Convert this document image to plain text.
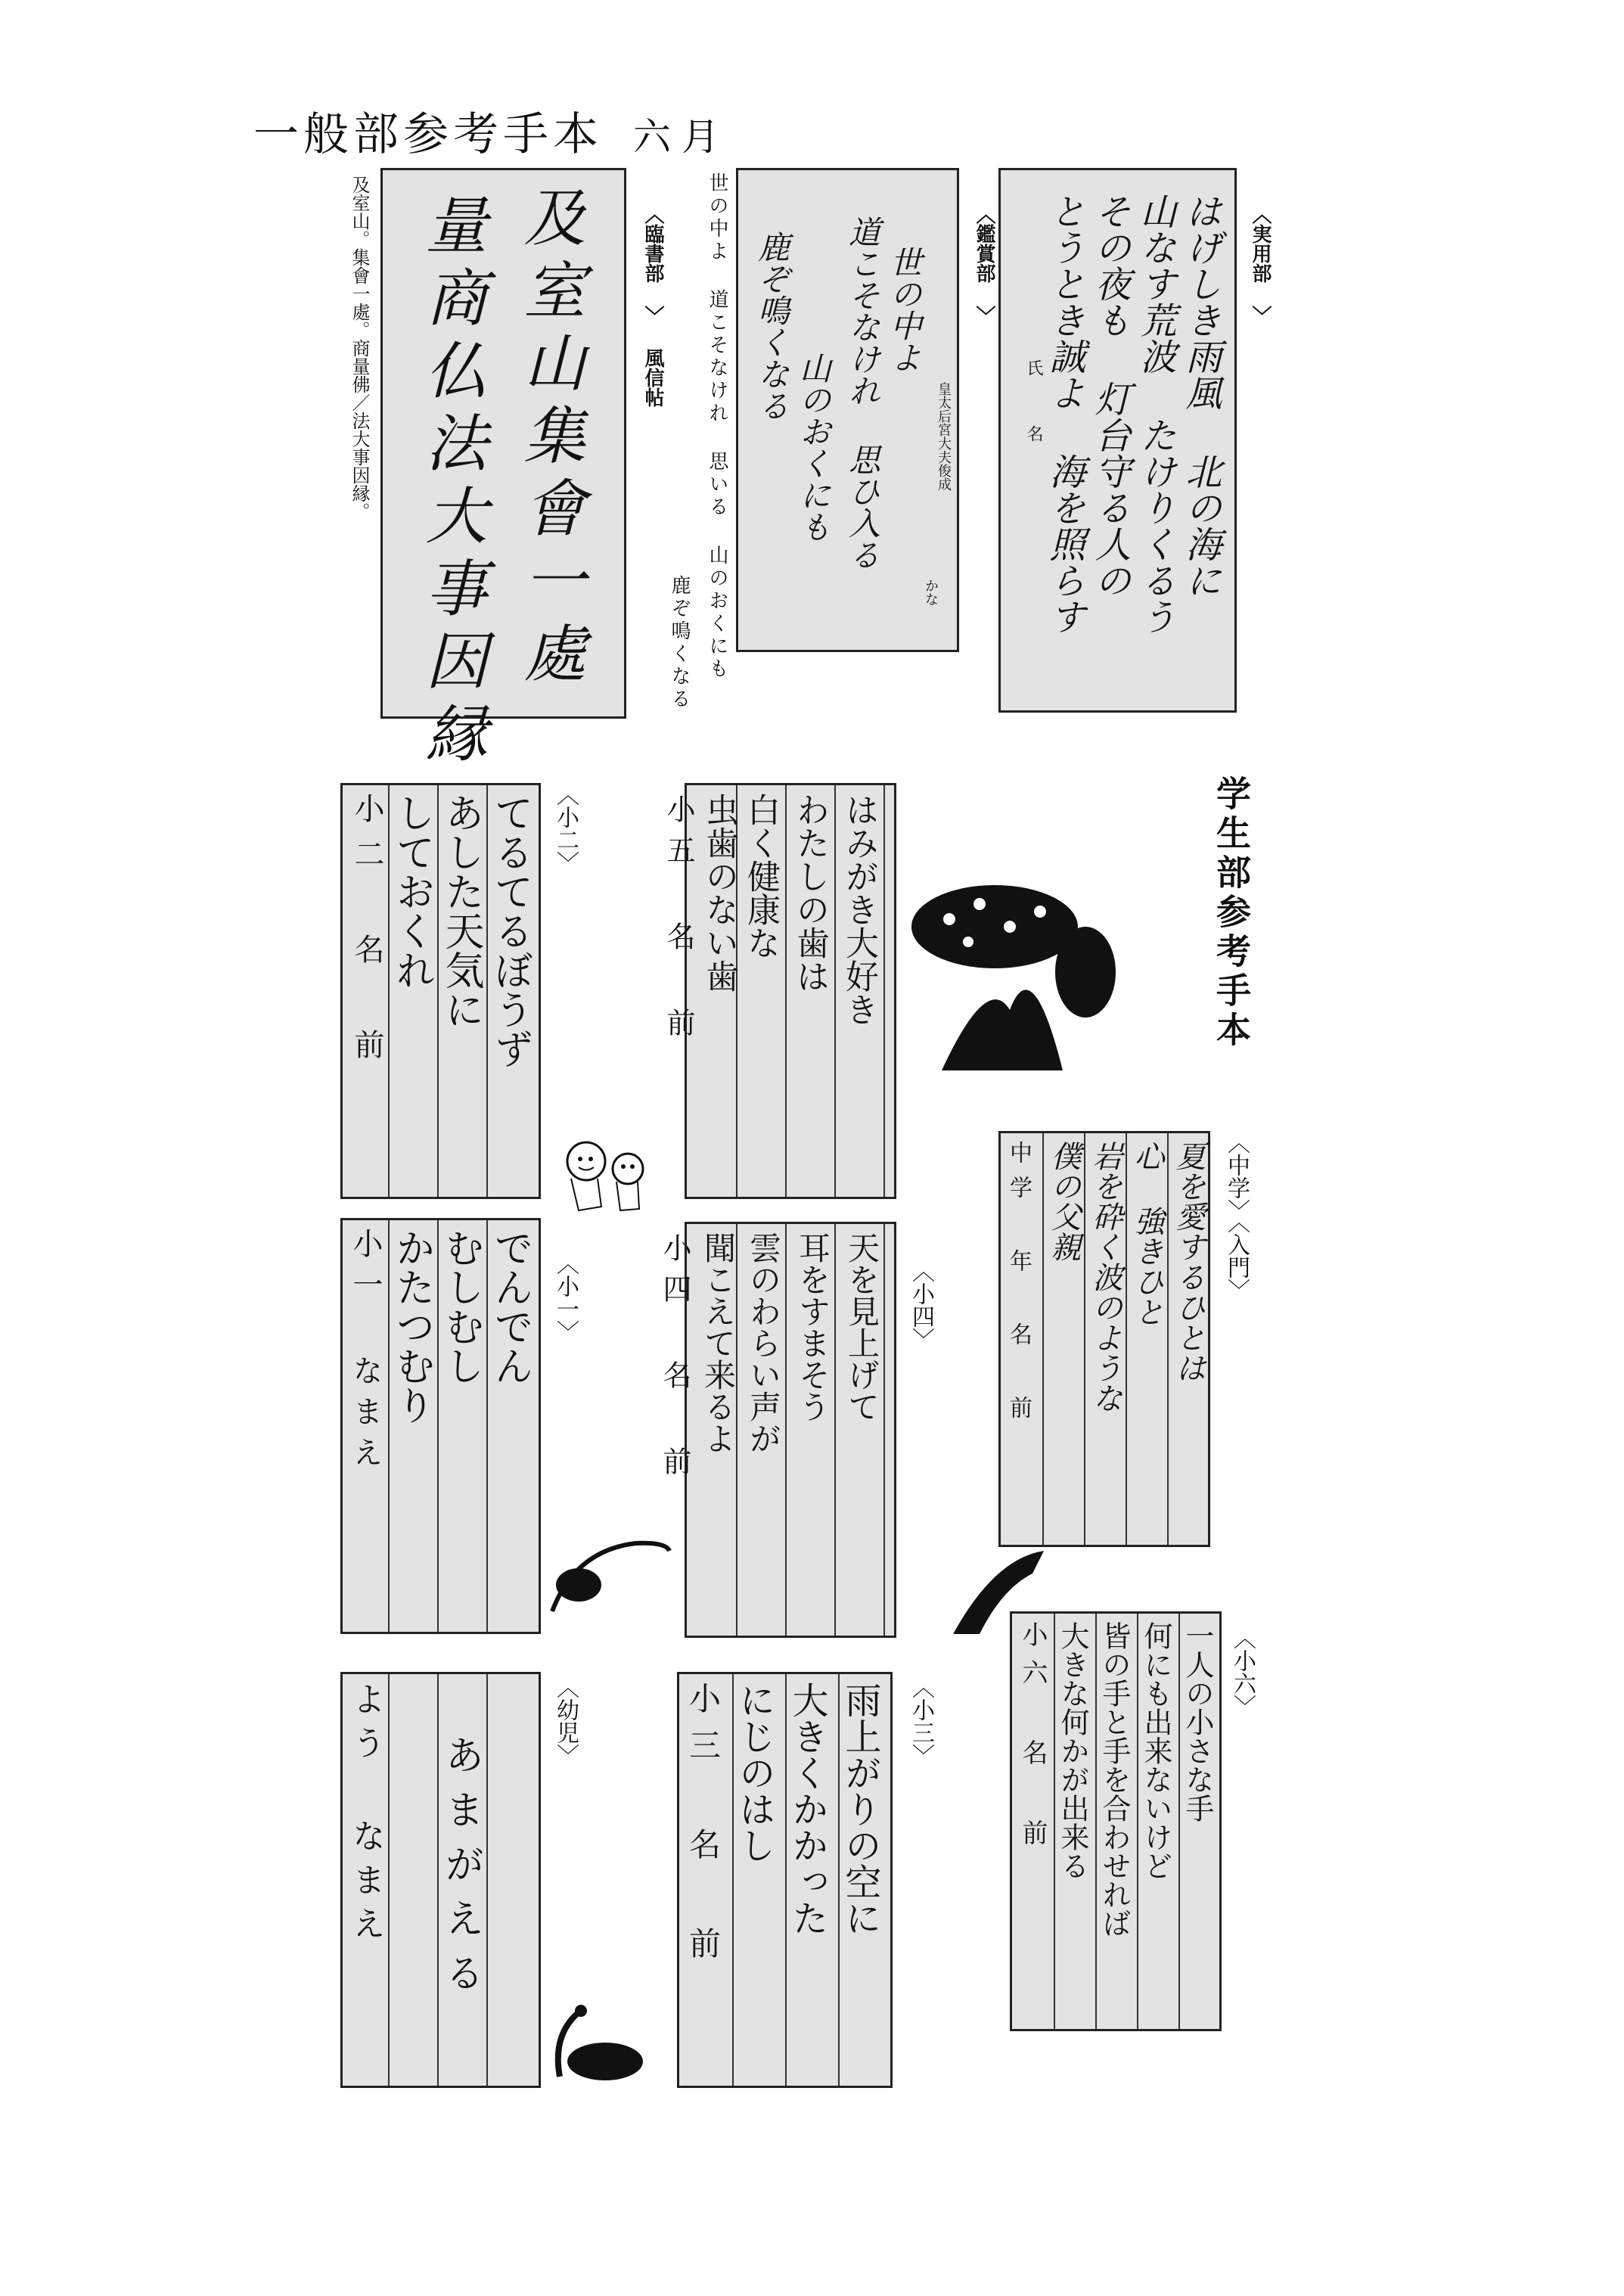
一般部参考手本 六月
〈実用部 〉
はげしき雨風 北の海に
山なす荒波 たけりくるう
その夜も 灯台守る人の
とうとき誠よ 海を照らす
氏 名
〈鑑賞部 〉
世の中よ
道こそなけれ 思ひ入る
山のおくにも
鹿ぞ鳴くなる
皇太后宮大夫俊成
かな
世の中よ 道こそなけれ 思いる 山のおくにも
鹿ぞ鳴くなる
〈臨書部 〉
風信帖
及室山集會一處
量商仏法大事因縁
及室山。集會一處。商量佛／法大事因縁。
学生部参考手本
〈小二〉
てるてるぼうず
あした天気に
しておくれ
小二 名 前	はみがき大好き
わたしの歯は
白く健康な
虫歯のない歯
小五 名 前
〈中学〉〈入門〉
夏を愛するひとは
心 強きひと
岩を砕く波のような
僕の父親
中学 年 名 前
〈小一〉
でんでん
むしむし
かたつむり
小一 なまえ	〈小四〉
天を見上げて
耳をすまそう
雲のわらい声が
聞こえて来るよ
小四 名 前
〈小六〉
一人の小さな手
何にも出来ないけど
皆の手と手を合わせれば
大きな何かが出来る
小六 名 前
〈幼児〉
あまがえる
よう なまえ	〈小三〉
雨上がりの空に
大きくかかった
にじのはし
小三 名 前
